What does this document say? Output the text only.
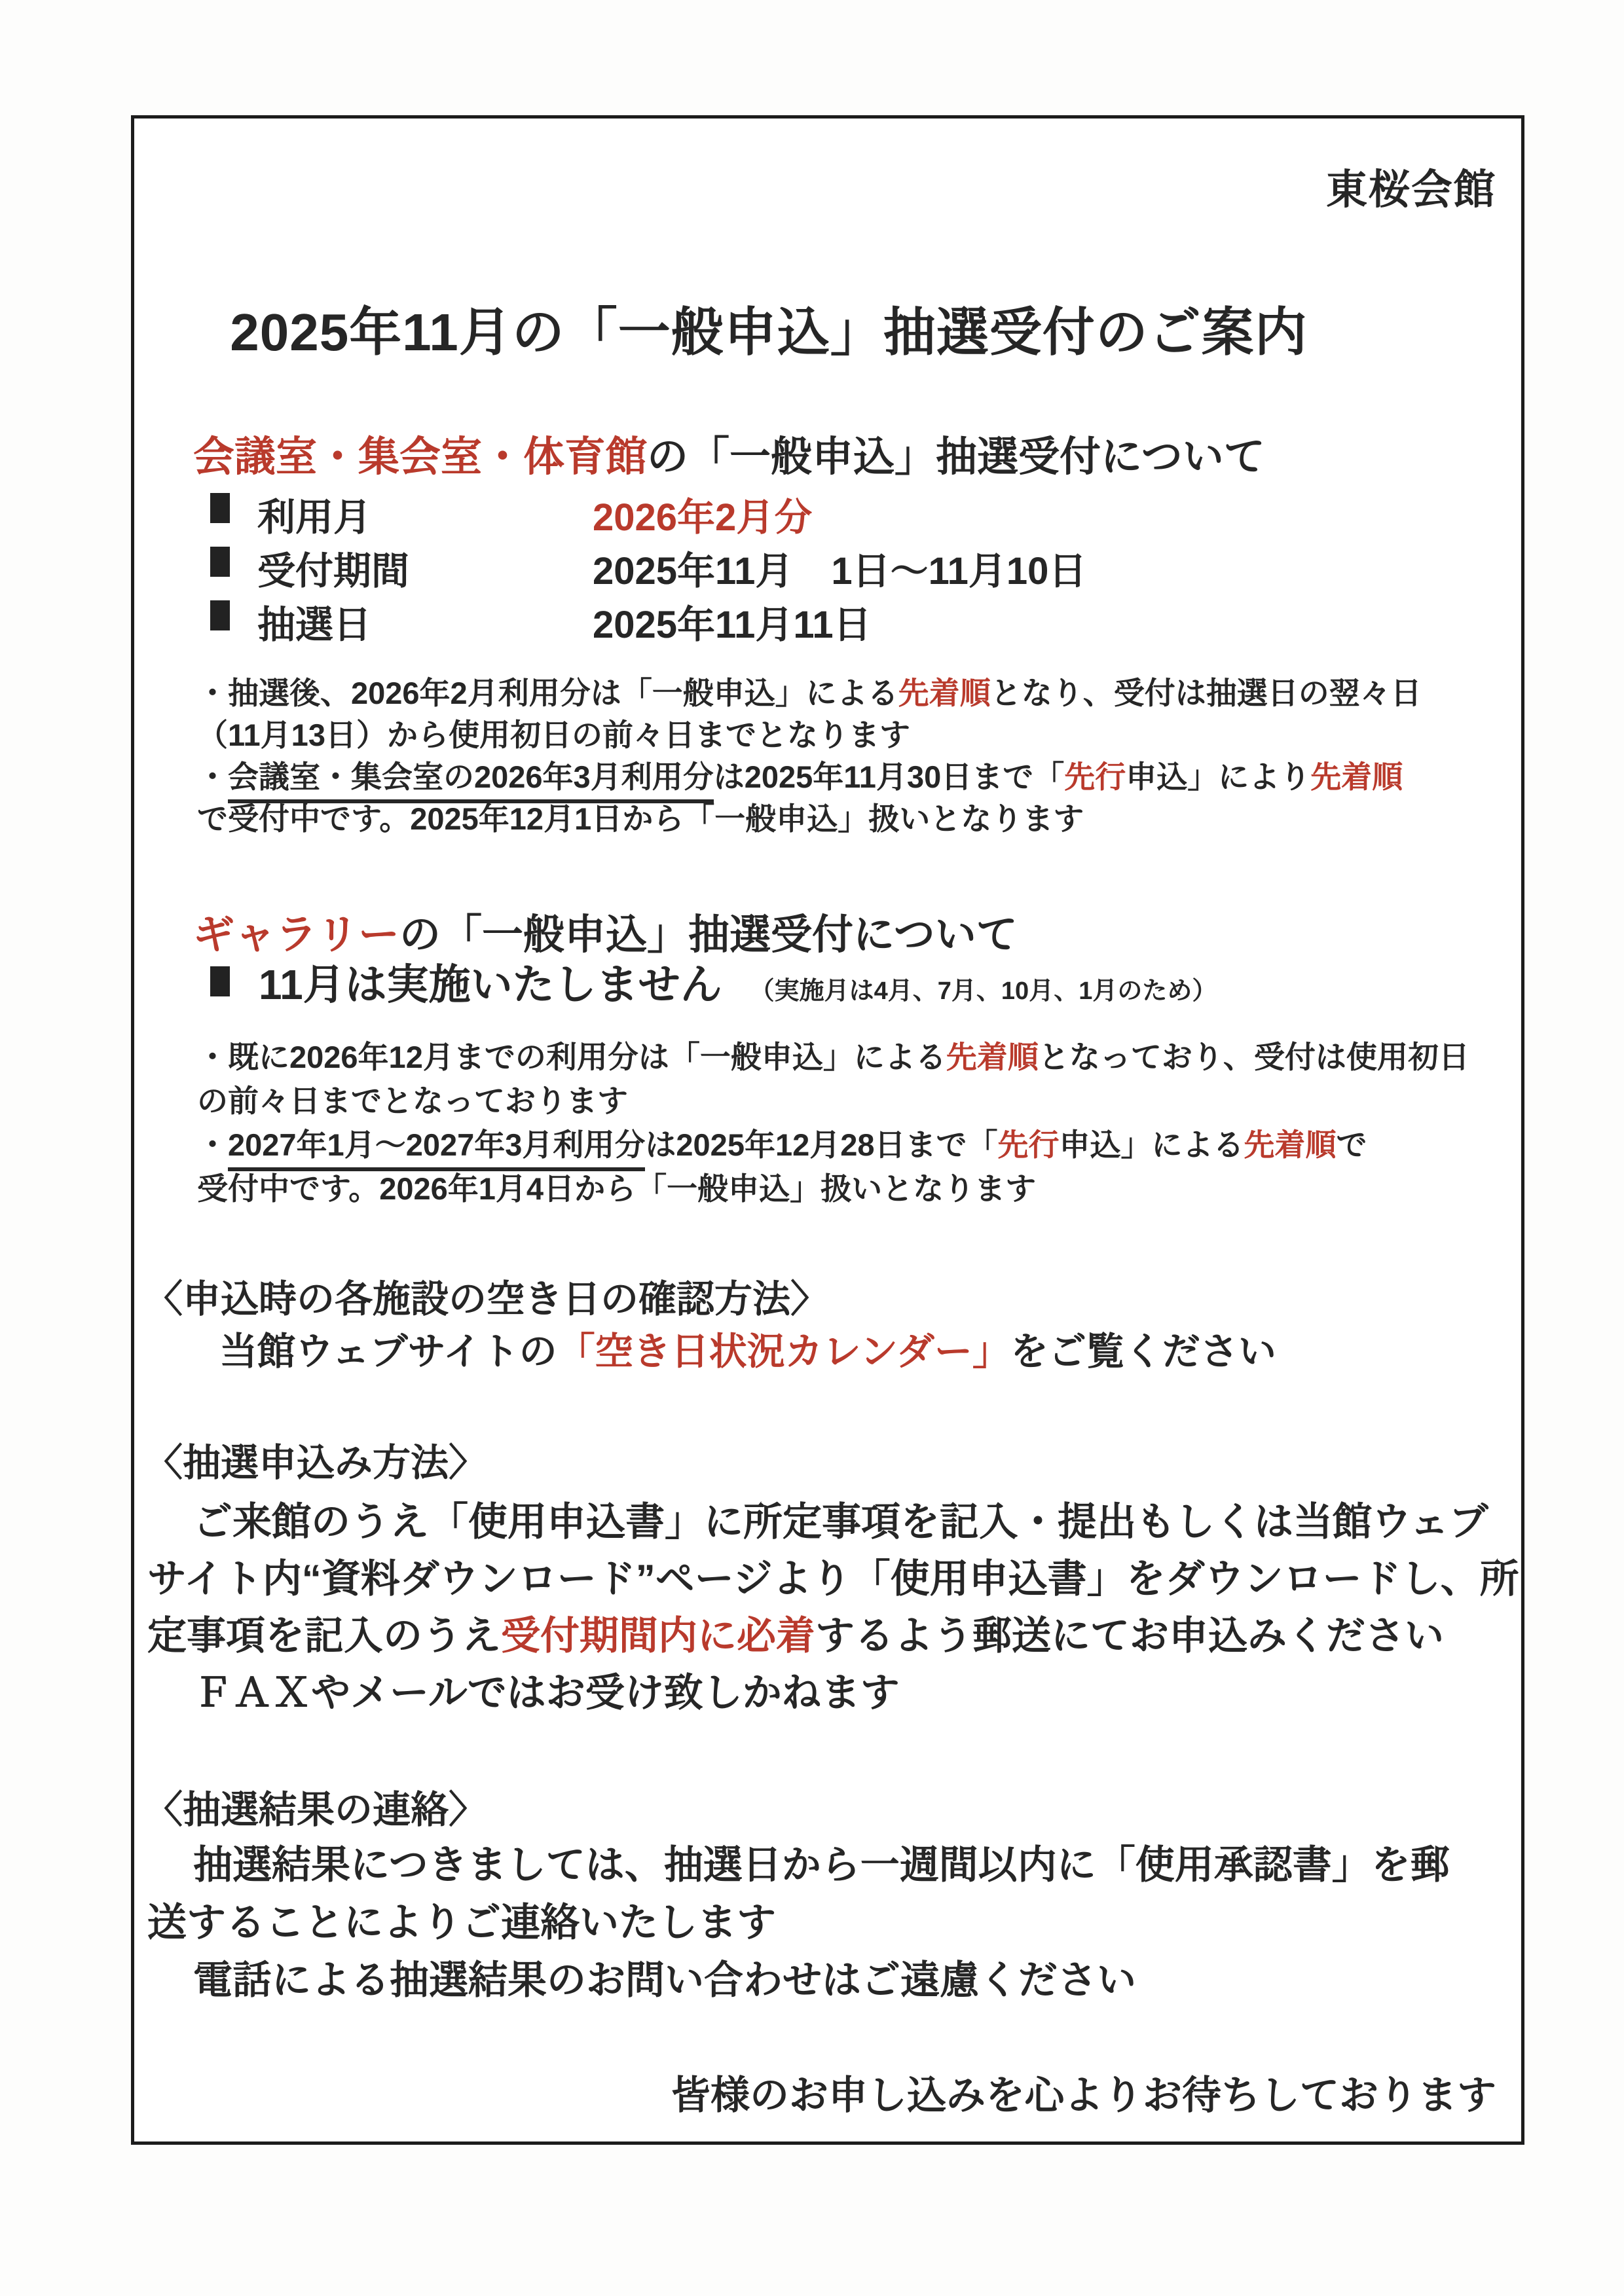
東桜会館
2025年11月の「一般申込」抽選受付のご案内
会議室・集会室・体育館の「一般申込」抽選受付について
利用月	2026年2月分
受付期間	2025年11月　1日～11月10日
抽選日	2025年11月11日
・抽選後、2026年2月利用分は「一般申込」による先着順となり、受付は抽選日の翌々日
（11月13日）から使用初日の前々日までとなります
・会議室・集会室の2026年3月利用分は2025年11月30日まで「先行申込」により先着順
で受付中です。2025年12月1日から「一般申込」扱いとなります
ギャラリーの「一般申込」抽選受付について
11月は実施いたしません （実施月は4月、7月、10月、1月のため）
・既に2026年12月までの利用分は「一般申込」による先着順となっており、受付は使用初日
の前々日までとなっております
・2027年1月～2027年3月利用分は2025年12月28日まで「先行申込」による先着順で
受付中です。2026年1月4日から「一般申込」扱いとなります
〈申込時の各施設の空き日の確認方法〉
当館ウェブサイトの「空き日状況カレンダー」をご覧ください
〈抽選申込み方法〉
ご来館のうえ「使用申込書」に所定事項を記入・提出もしくは当館ウェブ
サイト内“資料ダウンロード”ページより「使用申込書」をダウンロードし、所
定事項を記入のうえ受付期間内に必着するよう郵送にてお申込みください
ＦＡＸやメールではお受け致しかねます
〈抽選結果の連絡〉
抽選結果につきましては、抽選日から一週間以内に「使用承認書」を郵
送することによりご連絡いたします
電話による抽選結果のお問い合わせはご遠慮ください
皆様のお申し込みを心よりお待ちしております
